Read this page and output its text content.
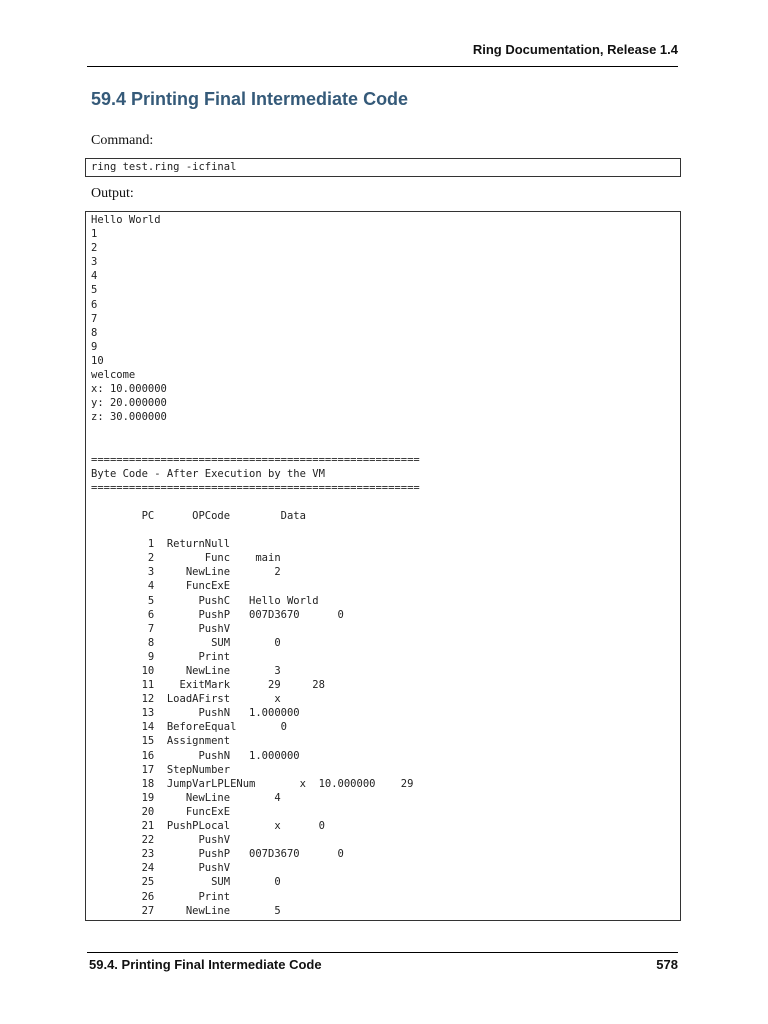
Ring Documentation, Release 1.4
59.4 Printing Final Intermediate Code

Command:

ring test.ring -icfinal

Output:

Hello World
1
2
3
4
5
6
7
8
9
10
welcome
x: 10.000000
y: 20.000000
z: 30.000000

====================================================
Byte Code - After Execution by the VM
====================================================

PC      OPCode        Data

1  ReturnNull
2        Func    main
3     NewLine       2
4     FuncExE
5       PushC   Hello World
6       PushP   007D3670      0
7       PushV
8         SUM       0
9       Print
10     NewLine       3
11    ExitMark      29     28
12  LoadAFirst       x
13       PushN   1.000000
14  BeforeEqual       0
15  Assignment
16       PushN   1.000000
17  StepNumber
18  JumpVarLPLENum       x  10.000000    29
19     NewLine       4
20     FuncExE
21  PushPLocal       x      0
22       PushV
23       PushP   007D3670      0
24       PushV
25         SUM       0
26       Print
27     NewLine       5
59.4. Printing Final Intermediate Code	578
